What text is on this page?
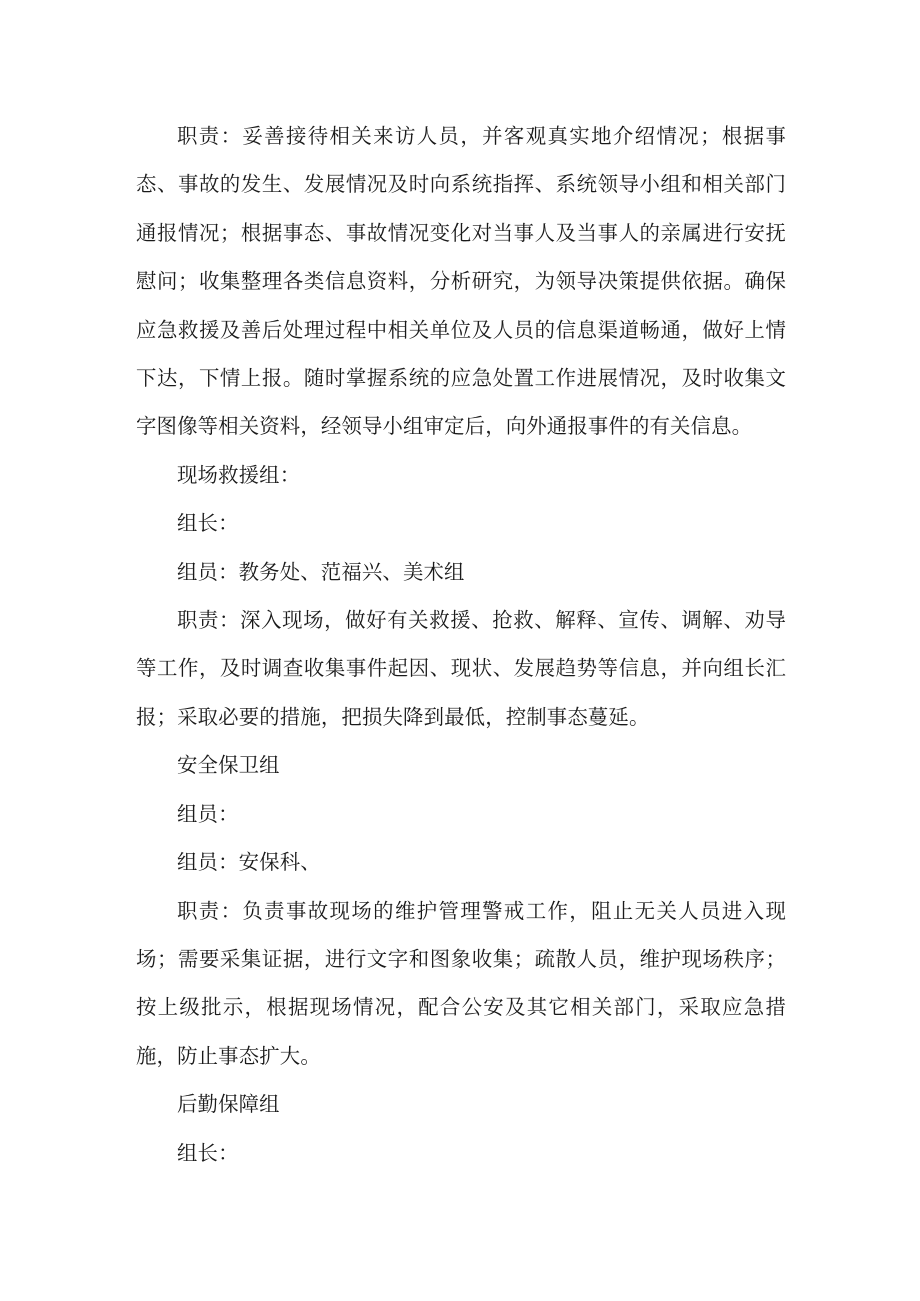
职责：妥善接待相关来访人员，并客观真实地介绍情况；根据事态、事故的发生、发展情况及时向系统指挥、系统领导小组和相关部门通报情况；根据事态、事故情况变化对当事人及当事人的亲属进行安抚慰问；收集整理各类信息资料，分析研究，为领导决策提供依据。确保应急救援及善后处理过程中相关单位及人员的信息渠道畅通，做好上情下达，下情上报。随时掌握系统的应急处置工作进展情况，及时收集文字图像等相关资料，经领导小组审定后，向外通报事件的有关信息。

现场救援组：

组长：

组员：教务处、范福兴、美术组

职责：深入现场，做好有关救援、抢救、解释、宣传、调解、劝导等工作，及时调查收集事件起因、现状、发展趋势等信息，并向组长汇报；采取必要的措施，把损失降到最低，控制事态蔓延。

安全保卫组

组员：

组员：安保科、

职责：负责事故现场的维护管理警戒工作，阻止无关人员进入现场；需要采集证据，进行文字和图象收集；疏散人员，维护现场秩序；按上级批示，根据现场情况，配合公安及其它相关部门，采取应急措施，防止事态扩大。

后勤保障组

组长：
